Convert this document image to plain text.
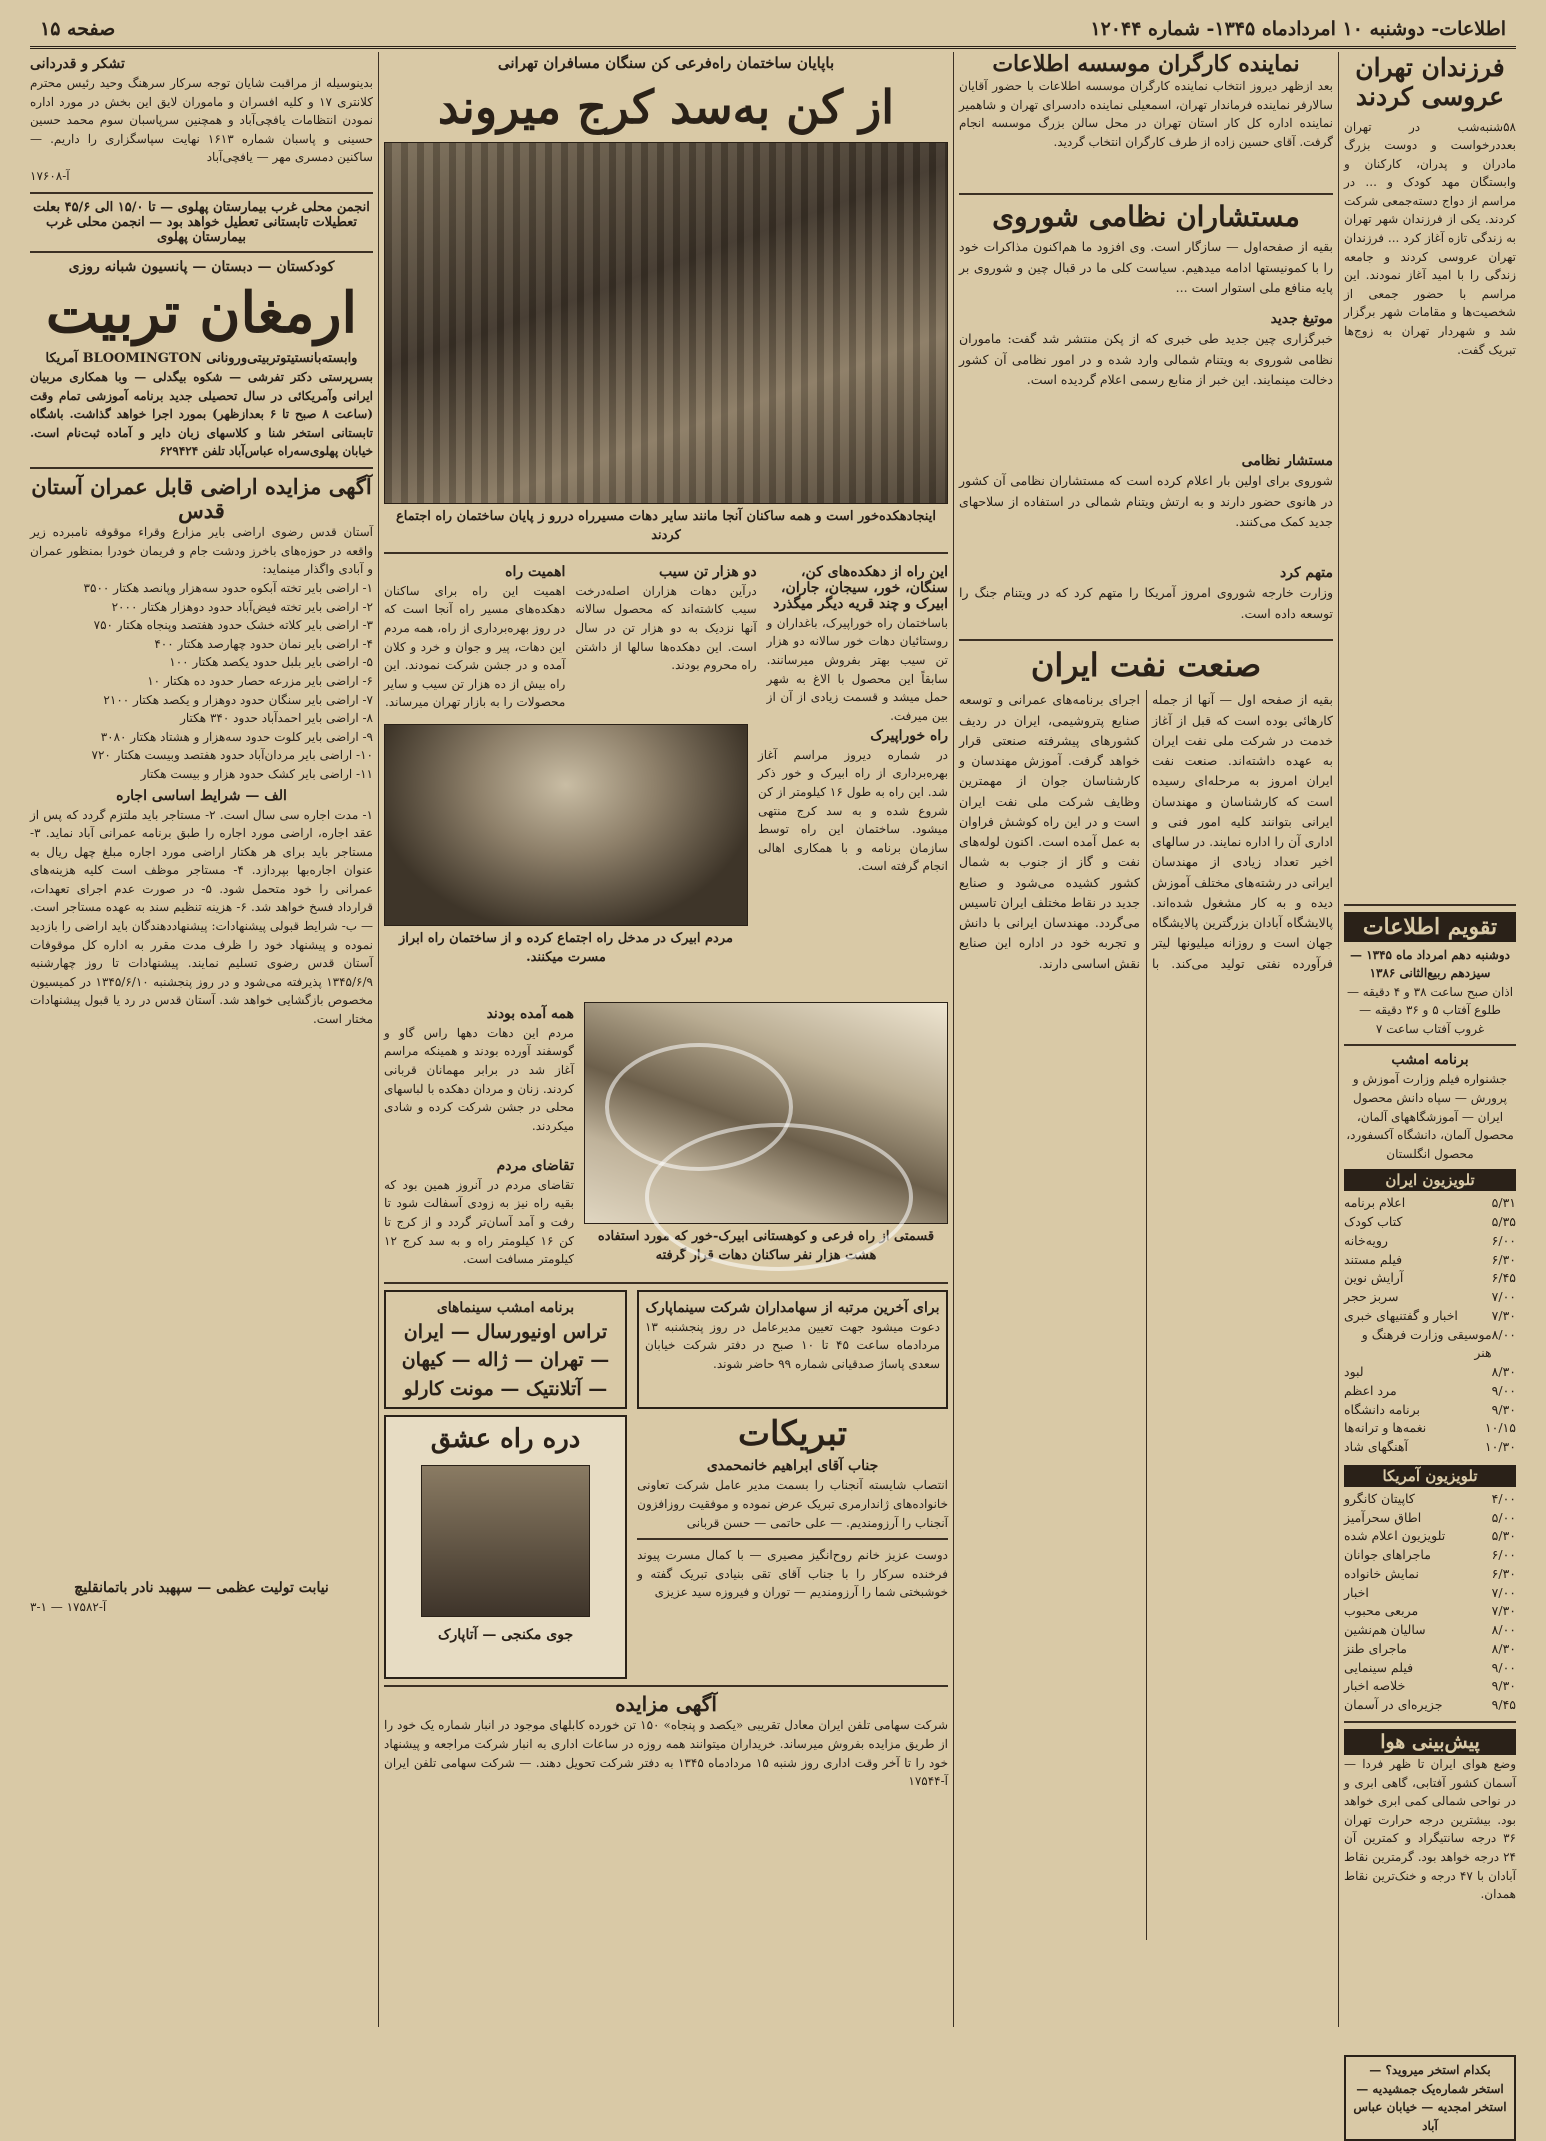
اطلاعات- دوشنبه ۱۰ امردادماه ۱۳۴۵- شماره ۱۲۰۴۴
صفحه ۱۵
فرزندان تهران عروسی کردند
۵۸شنبه‌شب در تهران بعد‌درخواست و دوست بزرگ مادران و پدران، کارکنان و وابستگان مهد کودک و ... در مراسم از دواج دسته‌جمعی شرکت کردند. یکی از فرزندان شهر تهران به زندگی تازه آغاز کرد ... فرزندان تهران عروسی کردند و جامعه زندگی را با امید آغاز نمودند. این مراسم با حضور جمعی از شخصیت‌ها و مقامات شهر برگزار شد و شهردار تهران به زوج‌ها تبریک گفت.
تقویم اطلاعات
دوشنبه دهم امرداد ماه ۱۳۴۵ — سیزدهم ربیع‌الثانی ۱۳۸۶
اذان صبح ساعت ۳۸ و ۴ دقیقه — طلوع آفتاب ۵ و ۳۶ دقیقه — غروب آفتاب ساعت ۷
برنامه امشب
جشنواره فیلم وزارت آموزش و پرورش — سپاه دانش محصول ایران — آموزشگاههای آلمان، محصول آلمان، دانشگاه آکسفورد، محصول انگلستان
تلویزیون ایران
۵/۳۱
اعلام برنامه
۵/۳۵
کتاب کودک
۶/۰۰
رویه‌خانه
۶/۳۰
فیلم مستند
۶/۴۵
آرایش نوین
۷/۰۰
سربز حجر
۷/۳۰
اخبار و گفتنیهای خبری
۸/۰۰
موسیقی وزارت فرهنگ و هنر
۸/۳۰
لبود
۹/۰۰
مرد اعظم
۹/۳۰
برنامه دانشگاه
۱۰/۱۵
نغمه‌ها و ترانه‌ها
۱۰/۳۰
آهنگهای شاد
تلویزیون آمریکا
۴/۰۰
کاپیتان کانگرو
۵/۰۰
اطاق سحرآمیز
۵/۳۰
تلویزیون اعلام شده
۶/۰۰
ماجراهای جوانان
۶/۳۰
نمایش خانواده
۷/۰۰
اخبار
۷/۳۰
مربعی محبوب
۸/۰۰
سالیان هم‌نشین
۸/۳۰
ماجرای طنز
۹/۰۰
فیلم سینمایی
۹/۳۰
خلاصه اخبار
۹/۴۵
جزیره‌ای در آسمان
پیش‌بینی هوا
وضع هوای ایران تا ظهر فردا — آسمان کشور آفتابی، گاهی ابری و در نواحی شمالی کمی ابری خواهد بود. بیشترین درجه حرارت تهران ۳۶ درجه سانتیگراد و کمترین آن ۲۴ درجه خواهد بود. گرمترین نقاط آبادان با ۴۷ درجه و خنک‌ترین نقاط همدان.
بکدام استخر میروید؟ — استخر شماره‌یک جمشیدیه — استخر امجدیه — خیابان عباس آباد
نماینده کارگران موسسه اطلاعات
بعد ازظهر دیروز انتخاب نماینده کارگران موسسه اطلاعات با حضور آقایان سالارفر نماینده فرماندار تهران، اسمعیلی نماینده دادسرای تهران و شاهمیر نماینده اداره کل کار استان تهران در محل سالن بزرگ موسسه انجام گرفت. آقای حسین زاده از طرف کارگران انتخاب گردید.
مستشاران نظامی شوروی
بقیه از صفحه‌اول — سازگار است. وی افزود ما هم‌اکنون مذاکرات خود را با کمونیستها ادامه میدهیم. سیاست کلی ما در قبال چین و شوروی بر پایه منافع ملی استوار است ...
موتیغ جدید
خبرگزاری چین جدید طی خبری که از پکن منتشر شد گفت: ماموران نظامی شوروی به ویتنام شمالی وارد شده و در امور نظامی آن کشور دخالت مینمایند. این خبر از منابع رسمی اعلام گردیده است.
مستشار نظامی
شوروی برای اولین بار اعلام کرده است که مستشاران نظامی آن کشور در هانوی حضور دارند و به ارتش ویتنام شمالی در استفاده از سلاحهای جدید کمک می‌کنند.
متهم کرد
وزارت خارجه شوروی امروز آمریکا را متهم کرد که در ویتنام جنگ را توسعه داده است.
صنعت نفت ایران
بقیه از صفحه اول — آنها از جمله کارهائی بوده است که قبل از آغاز خدمت در شرکت ملی نفت ایران به عهده داشته‌اند. صنعت نفت ایران امروز به مرحله‌ای رسیده است که کارشناسان و مهندسان ایرانی بتوانند کلیه امور فنی و اداری آن را اداره نمایند. در سالهای اخیر تعداد زیادی از مهندسان ایرانی در رشته‌های مختلف آموزش دیده و به کار مشغول شده‌اند. پالایشگاه آبادان بزرگترین پالایشگاه جهان است و روزانه میلیونها لیتر فرآورده نفتی تولید می‌کند. با اجرای برنامه‌های عمرانی و توسعه صنایع پتروشیمی، ایران در ردیف کشورهای پیشرفته صنعتی قرار خواهد گرفت. آموزش مهندسان و کارشناسان جوان از مهمترین وظایف شرکت ملی نفت ایران است و در این راه کوشش فراوان به عمل آمده است. اکنون لوله‌های نفت و گاز از جنوب به شمال کشور کشیده می‌شود و صنایع جدید در نقاط مختلف ایران تاسیس می‌گردد. مهندسان ایرانی با دانش و تجربه خود در اداره این صنایع نقش اساسی دارند.
باپایان ساختمان راه‌فرعی کن سنگان مسافران تهرانی
از کن به‌سد کرج میروند
اینجادهکده‌خور است و همه ساکنان آنجا مانند سایر دهات مسیرراه دررو ز پایان ساختمان راه اجتماع کردند
این راه از دهکده‌های کن، سنگان، خور، سیجان، جاران، ابیرک و چند قریه دیگر میگذرد
باساختمان راه خوراپیرک، باغداران و روستائیان دهات خور سالانه دو هزار تن سیب بهتر بفروش میرسانند. سابقاً این محصول با الاغ به شهر حمل میشد و قسمت زیادی از آن از بین میرفت.
دو هزار تن سیب
درآین دهات هزاران اصله‌درخت سیب کاشته‌اند که محصول سالانه آنها نزدیک به دو هزار تن در سال است. این دهکده‌ها سالها از داشتن راه محروم بودند.
اهمیت راه
اهمیت این راه برای ساکنان دهکده‌های مسیر راه آنجا است که در روز بهره‌برداری از راه، همه مردم این دهات، پیر و جوان و خرد و کلان آمده و در جشن شرکت نمودند. این راه بیش از ده هزار تن سیب و سایر محصولات را به بازار تهران میرساند.
راه خوراپیرک
در شماره دیروز مراسم آغاز بهره‌برداری از راه ابیرک و خور ذکر شد. این راه به طول ۱۶ کیلومتر از کن شروع شده و به سد کرج منتهی میشود. ساختمان این راه توسط سازمان برنامه و با همکاری اهالی انجام گرفته است.
مردم ابیرک در مدخل راه اجتماع کرده و از ساختمان راه ابراز مسرت میکنند.
قسمتی از راه فرعی و کوهستانی ابیرک-خور که مورد استفاده هشت هزار نفر ساکنان دهات قرار گرفته
همه آمده بودند
مردم این دهات دهها راس گاو و گوسفند آورده بودند و همینکه مراسم آغاز شد در برابر مهمانان قربانی کردند. زنان و مردان دهکده با لباسهای محلی در جشن شرکت کرده و شادی میکردند.
تقاضای مردم
تقاضای مردم در آنروز همین بود که بقیه راه نیز به زودی آسفالت شود تا رفت و آمد آسان‌تر گردد و از کرج تا کن ۱۶ کیلومتر راه و به سد کرج ۱۲ کیلومتر مسافت است.
برای آخرین مرتبه از سهامداران شرکت سینماپارک
دعوت میشود جهت تعیین مدیرعامل در روز پنجشنبه ۱۳ مردادماه ساعت ۴۵ تا ۱۰ صبح در دفتر شرکت خیابان سعدی پاساژ صدقیانی شماره ۹۹ حاضر شوند.
برنامه امشب سینماهای
تراس اونیورسال — ایران — تهران — ژاله — کیهان — آتلانتیک — مونت کارلو
تبریکات
جناب آقای ابراهیم خانمحمدی
انتصاب شایسته آنجناب را بسمت مدیر عامل شرکت تعاونی خانواده‌های ژاندارمری تبریک عرض نموده و موفقیت روزافزون آنجناب را آرزومندیم. — علی حاتمی — حسن قربانی
دوست عزیز خانم روح‌انگیز مصیری — با کمال مسرت پیوند فرخنده سرکار را با جناب آقای تقی بنیادی تبریک گفته و خوشبختی شما را آرزومندیم — توران و فیروزه سید عزیزی
دره راه عشق
جوی مکنجی — آتاپارک
آگهی مزایده
شرکت سهامی تلفن ایران معادل تقریبی «یکصد و پنجاه» ۱۵۰ تن خورده کابلهای موجود در انبار شماره یک خود را از طریق مزایده بفروش میرساند. خریداران میتوانند همه روزه در ساعات اداری به انبار شرکت مراجعه و پیشنهاد خود را تا آخر وقت اداری روز شنبه ۱۵ مردادماه ۱۳۴۵ به دفتر شرکت تحویل دهند. — شرکت سهامی تلفن ایران آ-۱۷۵۴۴
تشکر و قدردانی
بدینوسیله از مراقبت شایان توجه سرکار سرهنگ وحید رئیس محترم کلانتری ۱۷ و کلیه افسران و ماموران لایق این بخش در مورد اداره نمودن انتظامات یافچی‌آباد و همچنین سرپاسبان سوم محمد حسین حسینی و پاسبان شماره ۱۶۱۳ نهایت سپاسگزاری را داریم. — ساکنین دمسری مهر — یافچی‌آباد
آ-۱۷۶۰۸
انجمن محلی غرب بیمارستان پهلوی — تا ۱۵/۰ الی ۴۵/۶ بعلت تعطیلات تابستانی تعطیل خواهد بود — انجمن محلی غرب بیمارستان پهلوی
کودکستان — دبستان — پانسیون شبانه روزی
ارمغان تربیت
وابسته‌بانستیتوتربیتی‌ورونانی BLOOMINGTON آمریکا
بسرپرستی دکتر تفرشی — شکوه بیگدلی — وبا همکاری مربیان ایرانی وآمریکائی در سال تحصیلی جدید برنامه آموزشی تمام وقت (ساعت ۸ صبح تا ۶ بعدازظهر) بمورد اجرا خواهد گذاشت. باشگاه تابستانی استخر شنا و کلاسهای زبان دایر و آماده ثبت‌نام است. خیابان پهلوی‌سه‌راه عباس‌آباد تلفن ۶۲۹۴۲۴
آگهی مزایده اراضی قابل عمران آستان قدس
آستان قدس رضوی اراضی بایر مزارع وقراء موقوفه نامبرده زیر واقعه در حوزه‌های باخرز ودشت جام و فریمان خودرا بمنظور عمران و آبادی واگذار مینماید:
۱- اراضی بایر تخته آبکوه حدود سه‌هزار وپانصد هکتار ۳۵۰۰
۲- اراضی بایر تخته فیض‌آباد حدود دوهزار هکتار ۲۰۰۰
۳- اراضی بایر کلاته خشک حدود هفتصد وپنجاه هکتار ۷۵۰
۴- اراضی بایر نمان حدود چهارصد هکتار ۴۰۰
۵- اراضی بایر بلبل حدود یکصد هکتار ۱۰۰
۶- اراضی بایر مزرعه حصار حدود ده هکتار ۱۰
۷- اراضی بایر سنگان حدود دوهزار و یکصد هکتار ۲۱۰۰
۸- اراضی بایر احمدآباد حدود ۳۴۰ هکتار
۹- اراضی بایر کلوت حدود سه‌هزار و هشتاد هکتار ۳۰۸۰
۱۰- اراضی بایر مردان‌آباد حدود هفتصد وبیست هکتار ۷۲۰
۱۱- اراضی بایر کشک حدود هزار و بیست هکتار
الف — شرایط اساسی اجاره
۱- مدت اجاره سی سال است. ۲- مستاجر باید ملتزم گردد که پس از عقد اجاره، اراضی مورد اجاره را طبق برنامه عمرانی آباد نماید. ۳- مستاجر باید برای هر هکتار اراضی مورد اجاره مبلغ چهل ریال به عنوان اجاره‌بها بپردازد. ۴- مستاجر موظف است کلیه هزینه‌های عمرانی را خود متحمل شود. ۵- در صورت عدم اجرای تعهدات، قرارداد فسخ خواهد شد. ۶- هزینه تنظیم سند به عهده مستاجر است. — ب- شرایط قبولی پیشنهادات: پیشنهاددهندگان باید اراضی را بازدید نموده و پیشنهاد خود را ظرف مدت مقرر به اداره کل موقوفات آستان قدس رضوی تسلیم نمایند. پیشنهادات تا روز چهارشنبه ۱۳۴۵/۶/۹ پذیرفته می‌شود و در روز پنجشنبه ۱۳۴۵/۶/۱۰ در کمیسیون مخصوص بازگشایی خواهد شد. آستان قدس در رد یا قبول پیشنهادات مختار است.
نیابت تولیت عظمی — سپهبد نادر باتمانقلیچ
آ-۱۷۵۸۲ — ۱-۳
